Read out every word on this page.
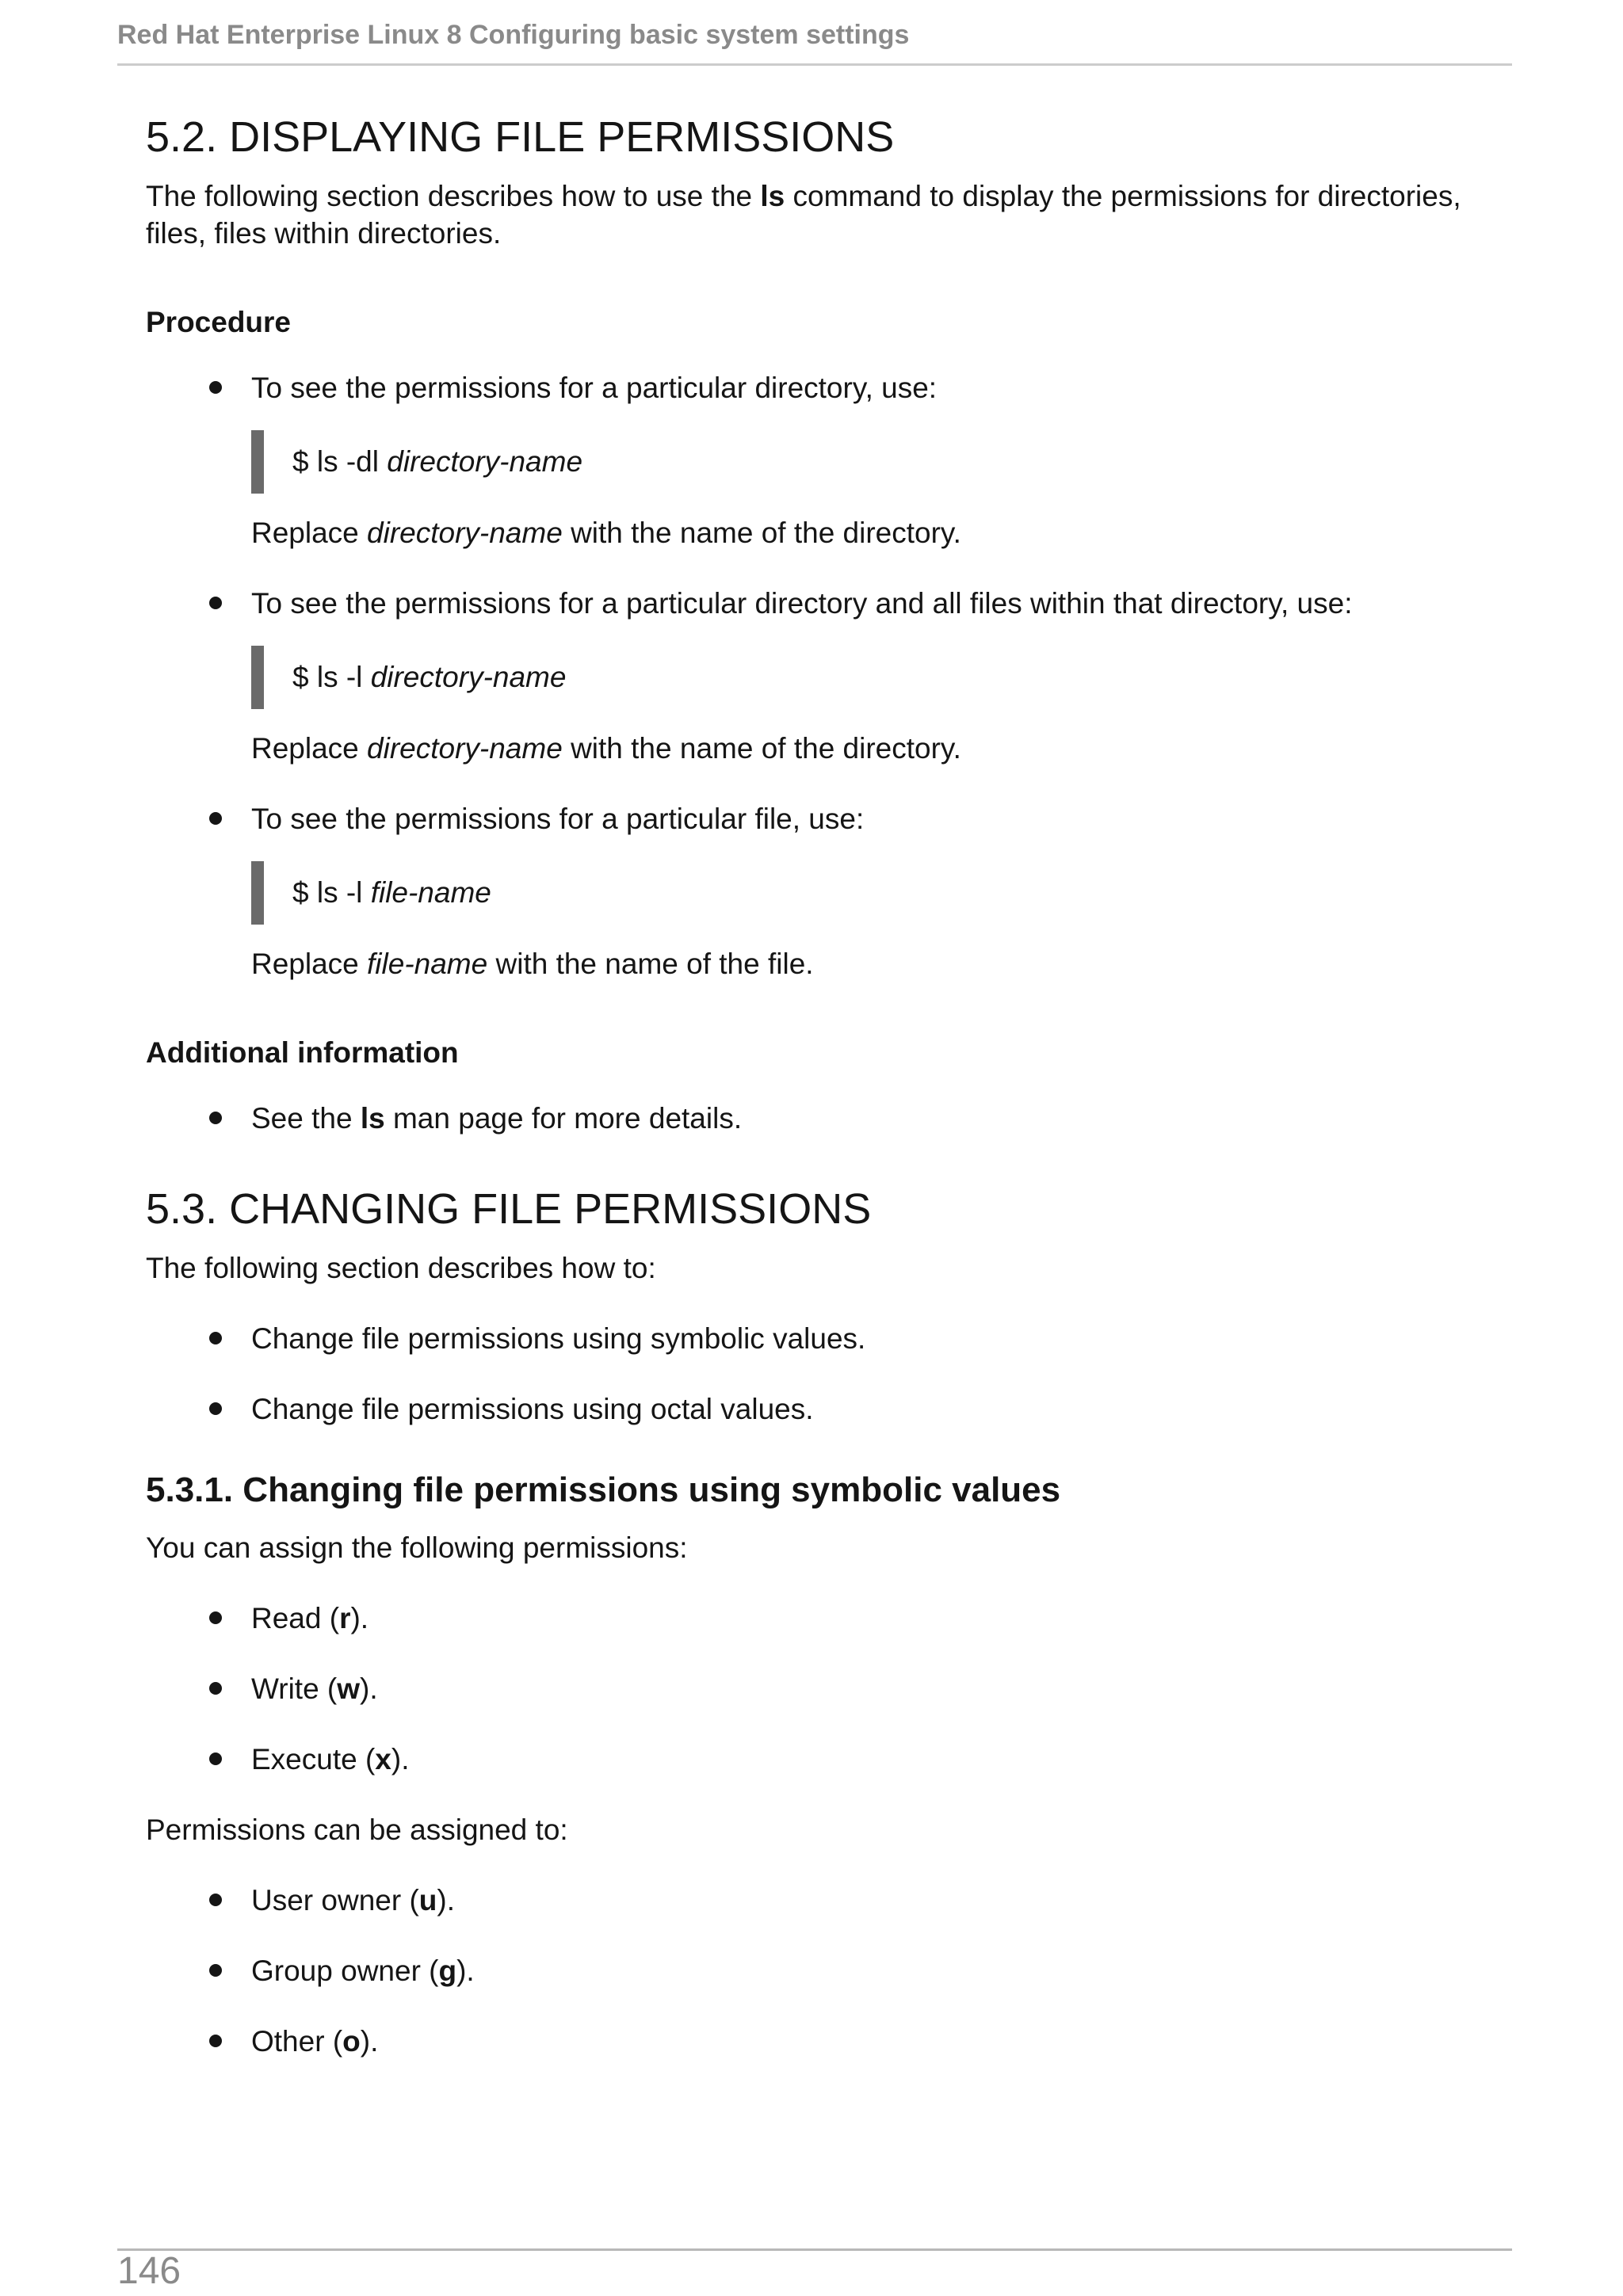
Red Hat Enterprise Linux 8 Configuring basic system settings
5.2. DISPLAYING FILE PERMISSIONS

The following section describes how to use the ls command to display the permissions for directories, files, files within directories.

Procedure
To see the permissions for a particular directory, use:
$ ls -dl directory-name
Replace directory-name with the name of the directory.
To see the permissions for a particular directory and all files within that directory, use:
$ ls -l directory-name
Replace directory-name with the name of the directory.
To see the permissions for a particular file, use:
$ ls -l file-name
Replace file-name with the name of the file.
Additional information
See the ls man page for more details.
5.3. CHANGING FILE PERMISSIONS

The following section describes how to:

Change file permissions using symbolic values.
Change file permissions using octal values.
5.3.1. Changing file permissions using symbolic values

You can assign the following permissions:

Read (r).
Write (w).
Execute (x).

Permissions can be assigned to:

User owner (u).
Group owner (g).
Other (o).
146
